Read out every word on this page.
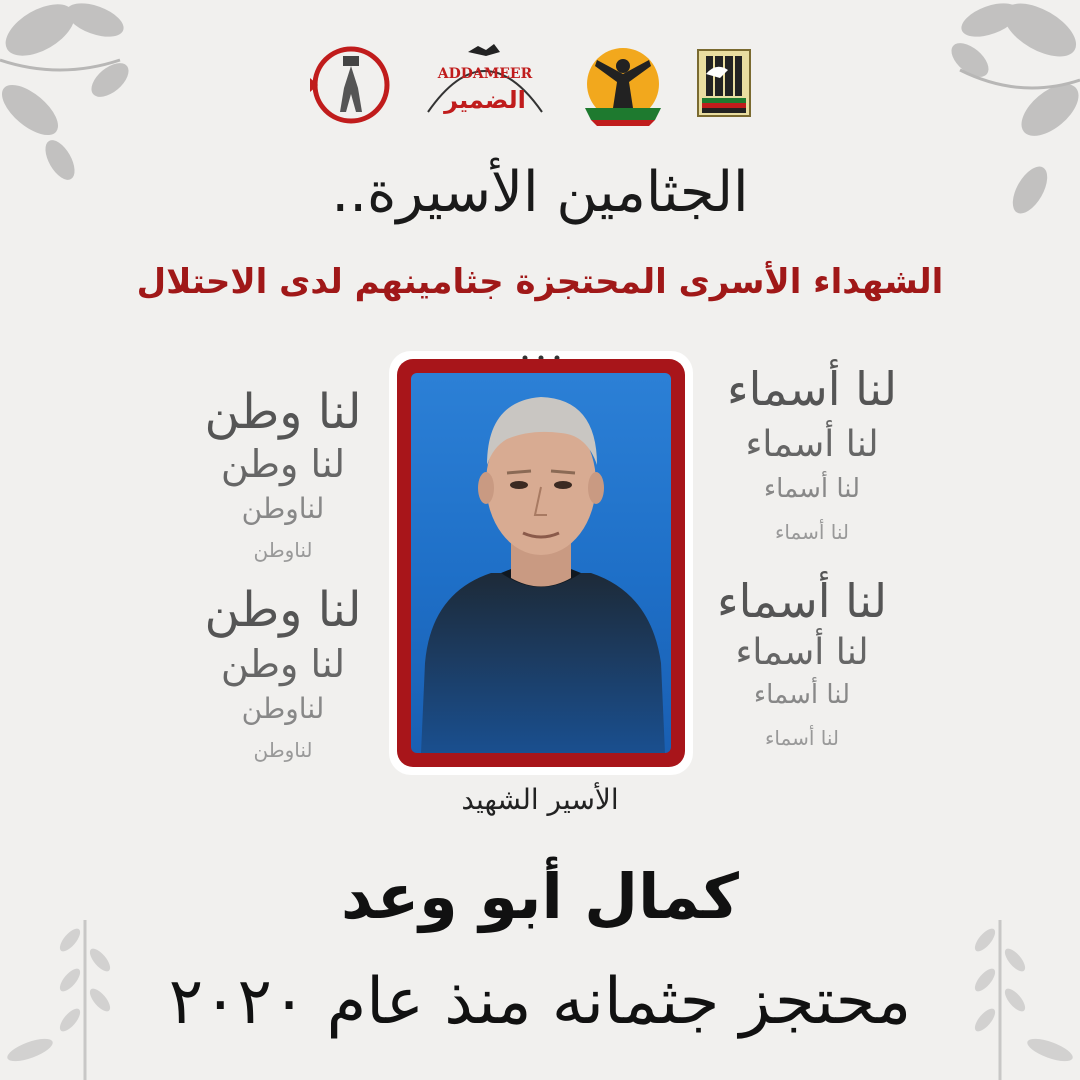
ADDAMEER
الضمير
الجثامين الأسيرة..
الشهداء الأسرى المحتجزة جثامينهم لدى الاحتلال
لنا وطن
لنا وطن
لناوطن
لناوطن
لنا وطن
لنا وطن
لناوطن
لناوطن
لنا أسماء
لنا أسماء
لنا أسماء
لنا أسماء
لنا أسماء
لنا أسماء
لنا أسماء
لنا أسماء
الأسير الشهيد
كمال أبو وعد
محتجز جثمانه منذ عام ٢٠٢٠
